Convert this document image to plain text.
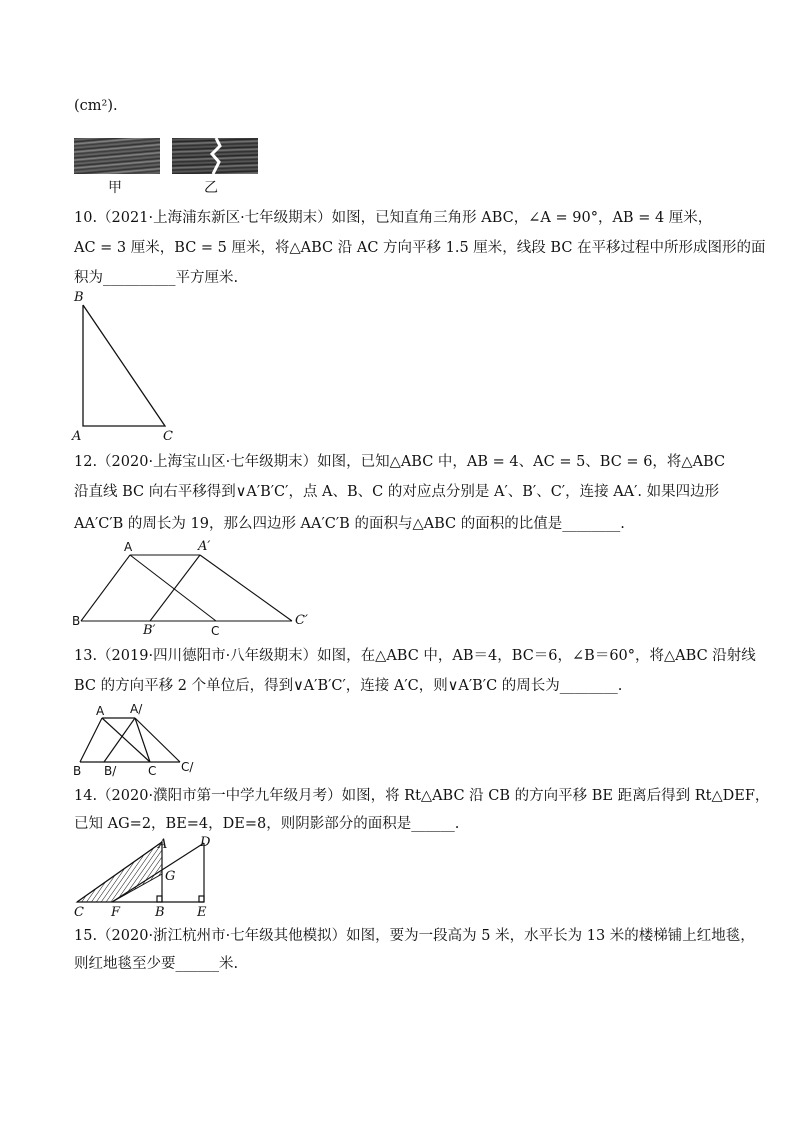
(cm²).
甲	乙
10.（2021·上海浦东新区·七年级期末）如图，已知直角三角形 ABC，∠A = 90°，AB = 4 厘米，
AC = 3 厘米，BC = 5 厘米，将△ABC 沿 AC 方向平移 1.5 厘米，线段 BC 在平移过程中所形成图形的面
积为__________平方厘米.
B
A	C
12.（2020·上海宝山区·七年级期末）如图，已知△ABC 中，AB = 4、AC = 5、BC = 6，将△ABC
沿直线 BC 向右平移得到∨A′B′C′，点 A、B、C 的对应点分别是 A′、B′、C′，连接 AA′. 如果四边形
AA′C′B 的周长为 19，那么四边形 AA′C′B 的面积与△ABC 的面积的比值是________.
A	A′
B
B′	C
C′
13.（2019·四川德阳市·八年级期末）如图，在△ABC 中，AB＝4，BC＝6，∠B＝60°，将△ABC 沿射线
BC 的方向平移 2 个单位后，得到∨A′B′C′，连接 A′C，则∨A′B′C 的周长为________.
A A/
B B/	C C/
14.（2020·濮阳市第一中学九年级月考）如图，将 Rt△ABC 沿 CB 的方向平移 BE 距离后得到 Rt△DEF，
已知 AG=2，BE=4，DE=8，则阴影部分的面积是______.
A	D
G
C F	B E
15.（2020·浙江杭州市·七年级其他模拟）如图，要为一段高为 5 米，水平长为 13 米的楼梯铺上红地毯，
则红地毯至少要______米.
